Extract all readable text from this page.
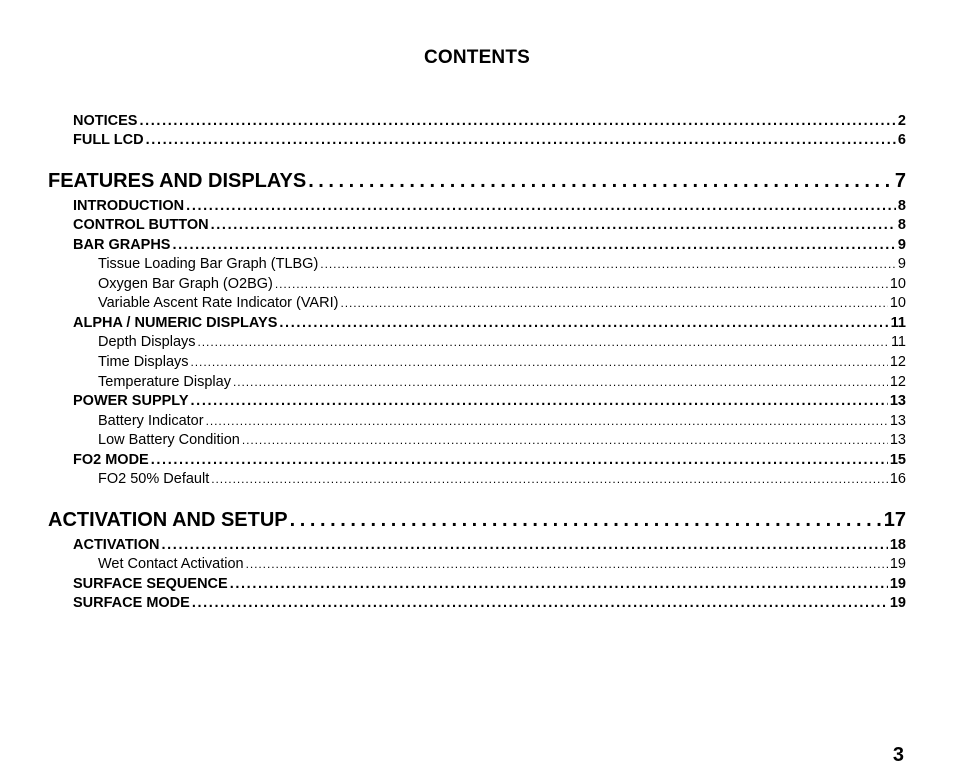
CONTENTS
NOTICES . . .	2
FULL LCD . . .	6
FEATURES AND DISPLAYS . . .	7
INTRODUCTION . . .	8
CONTROL BUTTON . . .	8
BAR GRAPHS . . .	9
Tissue Loading Bar Graph (TLBG) . . .	9
Oxygen Bar Graph (O2BG) . . .	10
Variable Ascent Rate Indicator (VARI) . . .	10
ALPHA / NUMERIC DISPLAYS . . .	11
Depth Displays . . .	11
Time Displays . . .	12
Temperature Display . . .	12
POWER SUPPLY . . .	13
Battery Indicator . . .	13
Low Battery Condition . . .	13
FO2 MODE . . .	15
FO2 50% Default . . .	16
ACTIVATION AND SETUP . . .	17
ACTIVATION . . .	18
Wet Contact Activation . . .	19
SURFACE SEQUENCE . . .	19
SURFACE MODE . . .	19
3
